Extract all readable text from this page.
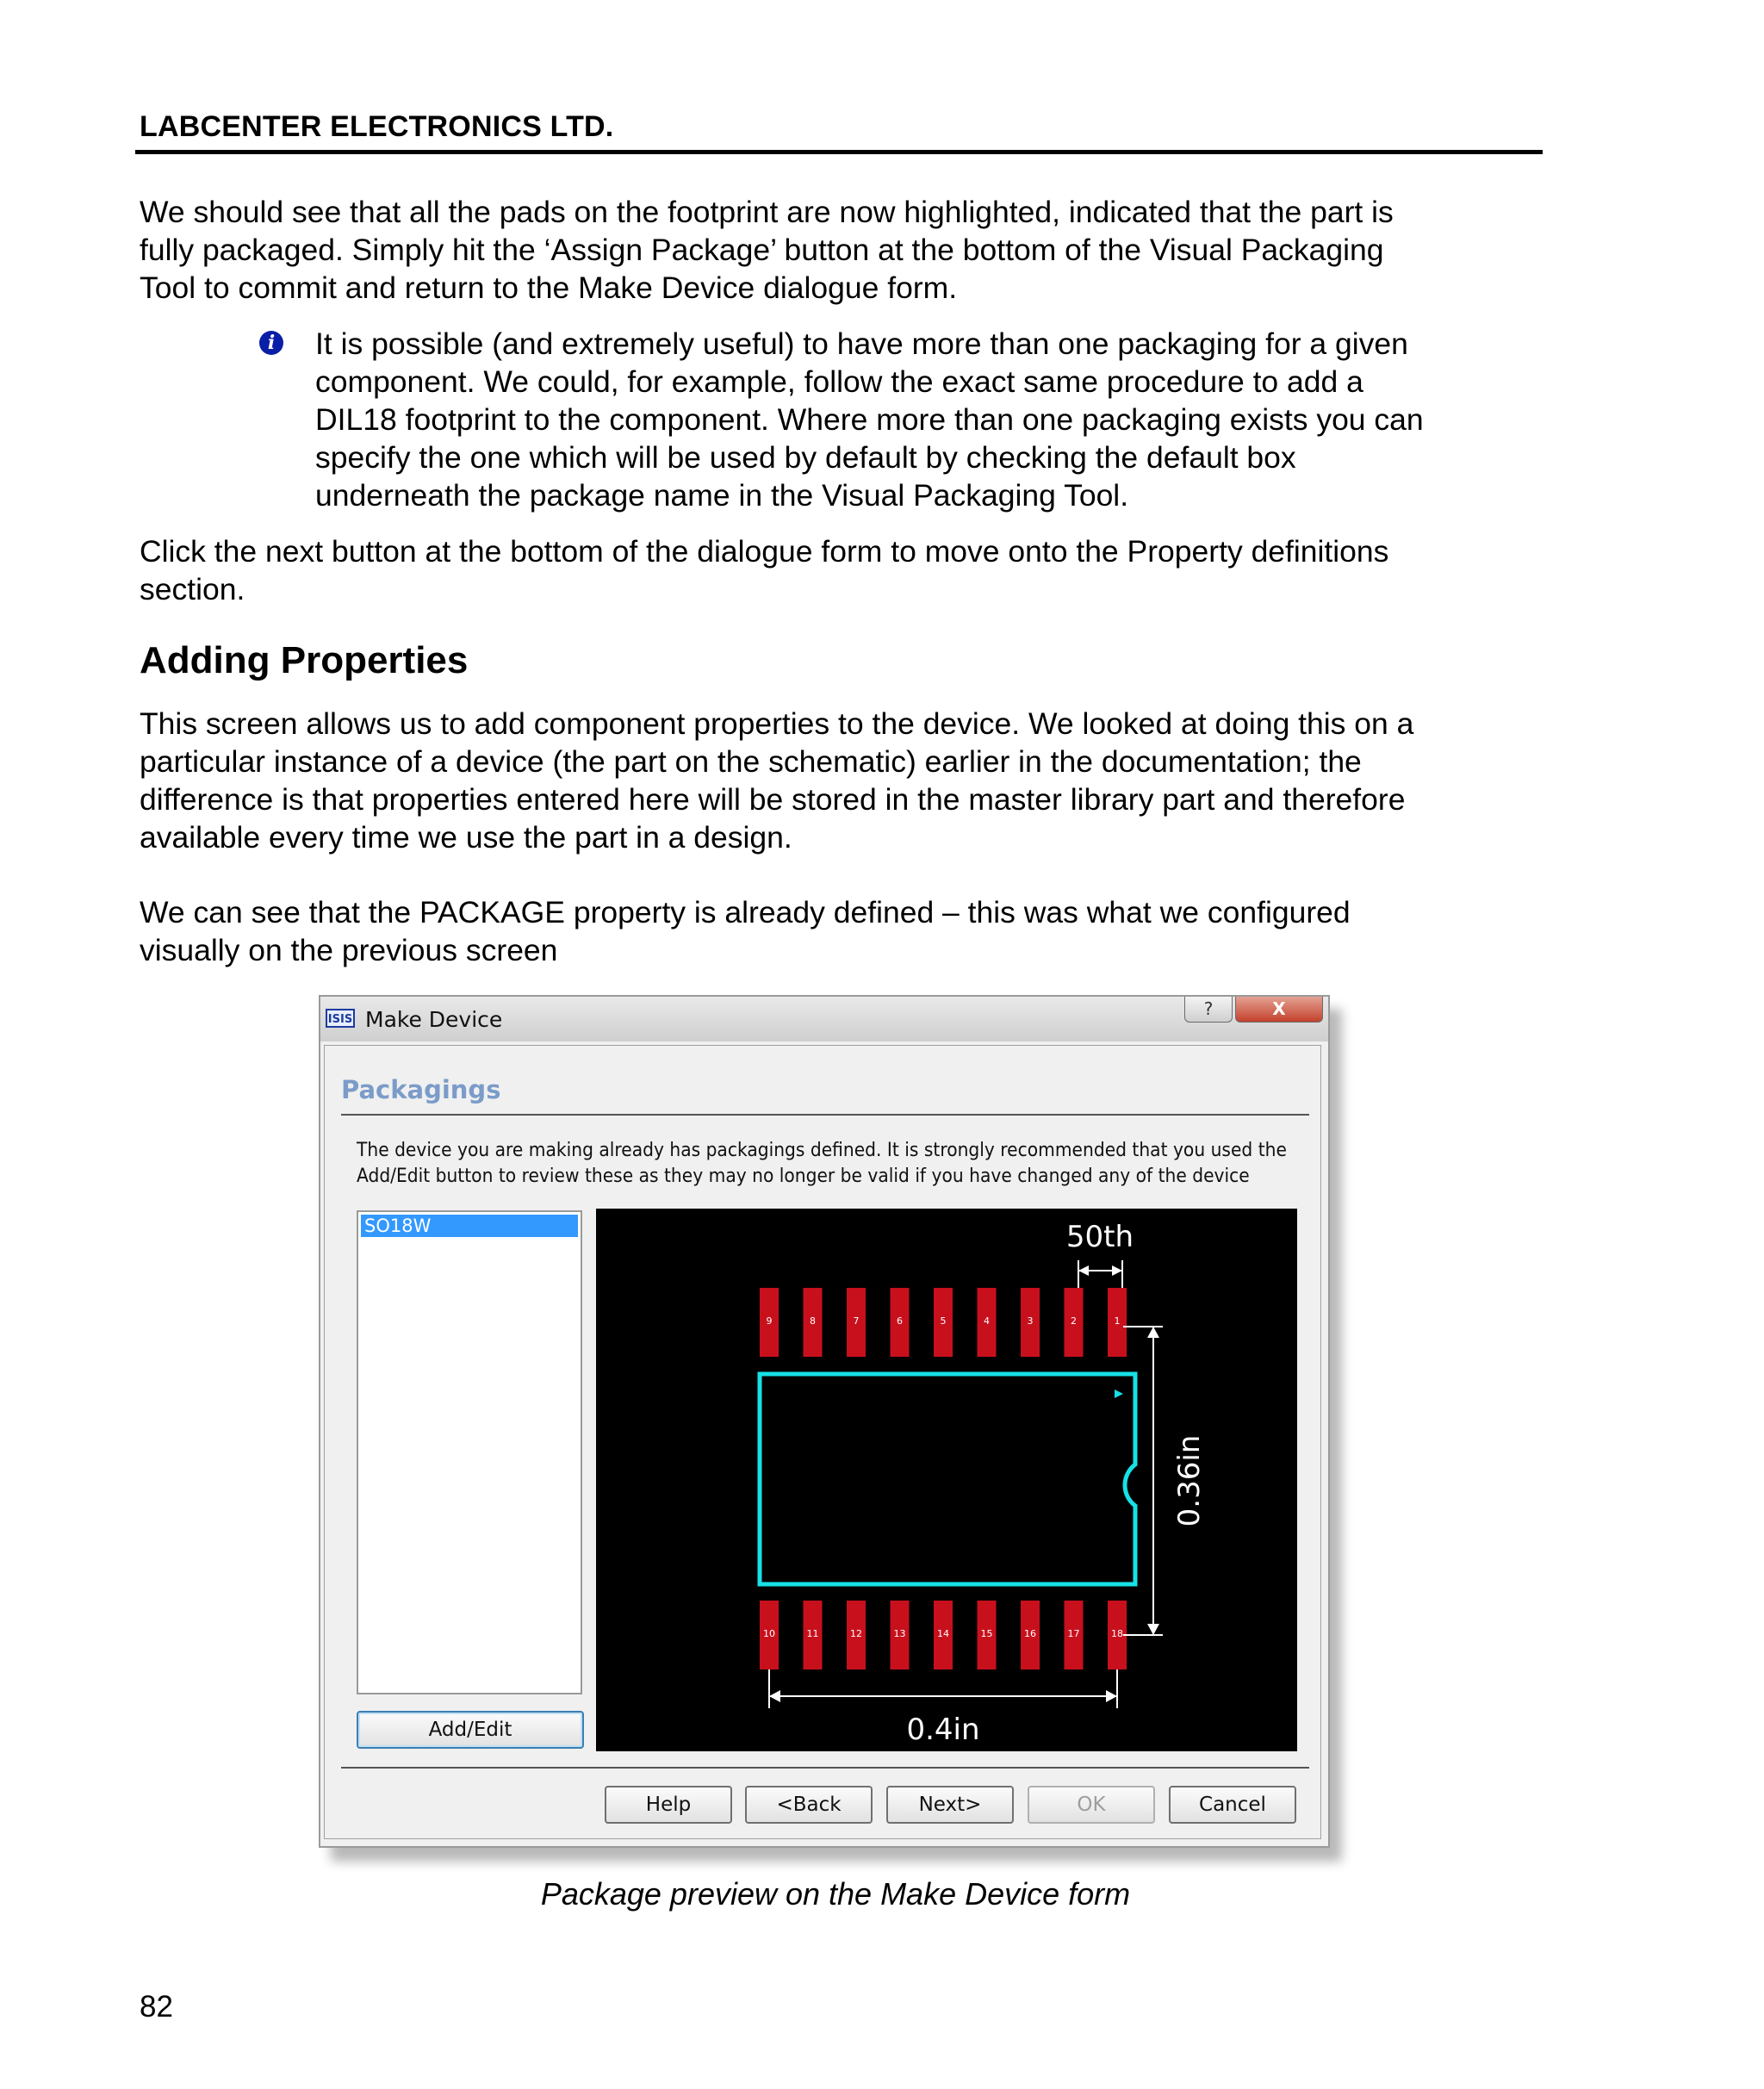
LABCENTER ELECTRONICS LTD.

We should see that all the pads on the footprint are now highlighted, indicated that the part is
fully packaged. Simply hit the ‘Assign Package’ button at the bottom of the Visual Packaging
Tool to commit and return to the Make Device dialogue form.

i It is possible (and extremely useful) to have more than one packaging for a given
component. We could, for example, follow the exact same procedure to add a
DIL18 footprint to the component. Where more than one packaging exists you can
specify the one which will be used by default by checking the default box
underneath the package name in the Visual Packaging Tool.

Click the next button at the bottom of the dialogue form to move onto the Property definitions
section.

Adding Properties

This screen allows us to add component properties to the device. We looked at doing this on a
particular instance of a device (the part on the schematic) earlier in the documentation; the
difference is that properties entered here will be stored in the master library part and therefore
available every time we use the part in a design.

We can see that the PACKAGE property is already defined – this was what we configured
visually on the previous screen

ISIS Make Device	?	X
Packagings

The device you are making already has packagings defined. It is strongly recommended that you used the
Add/Edit button to review these as they may no longer be valid if you have changed any of the device

SO18W
9	8	7	6	5	4	3	2	1
10	11	12	13	14	15	16	17	18
50th
0.36in
0.4in
Add/Edit
Help	<Back	Next>	OK	Cancel
Package preview on the Make Device form
82
